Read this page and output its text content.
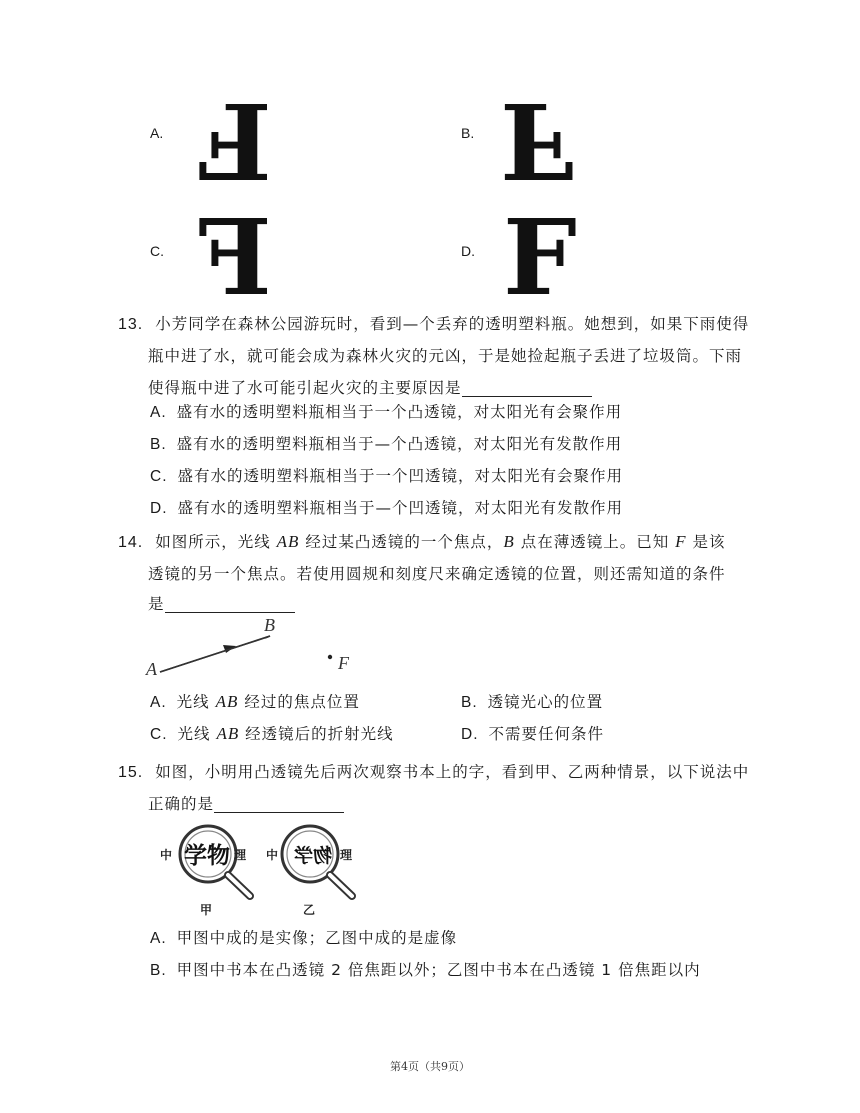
A. F	B. F
C. F	D. F
13. 小芳同学在森林公园游玩时，看到—个丢弃的透明塑料瓶。她想到，如果下雨使得
瓶中进了水，就可能会成为森林火灾的元凶，于是她捡起瓶子丢进了垃圾筒。下雨
使得瓶中进了水可能引起火灾的主要原因是
A. 盛有水的透明塑料瓶相当于一个凸透镜，对太阳光有会聚作用
B. 盛有水的透明塑料瓶相当于—个凸透镜，对太阳光有发散作用
C. 盛有水的透明塑料瓶相当于一个凹透镜，对太阳光有会聚作用
D. 盛有水的透明塑料瓶相当于—个凹透镜，对太阳光有发散作用
14. 如图所示，光线 AB 经过某凸透镜的一个焦点，B 点在薄透镜上。已知 F 是该
透镜的另一个焦点。若使用圆规和刻度尺来确定透镜的位置，则还需知道的条件
是
A
B
F
A. 光线 AB 经过的焦点位置	B. 透镜光心的位置
C. 光线 AB 经透镜后的折射光线	D. 不需要任何条件
15. 如图，小明用凸透镜先后两次观察书本上的字，看到甲、乙两种情景，以下说法中
正确的是
中 学物 理
甲
中 物学 理
乙
A. 甲图中成的是实像；乙图中成的是虚像
B. 甲图中书本在凸透镜 2 倍焦距以外；乙图中书本在凸透镜 1 倍焦距以内
第4页（共9页）
